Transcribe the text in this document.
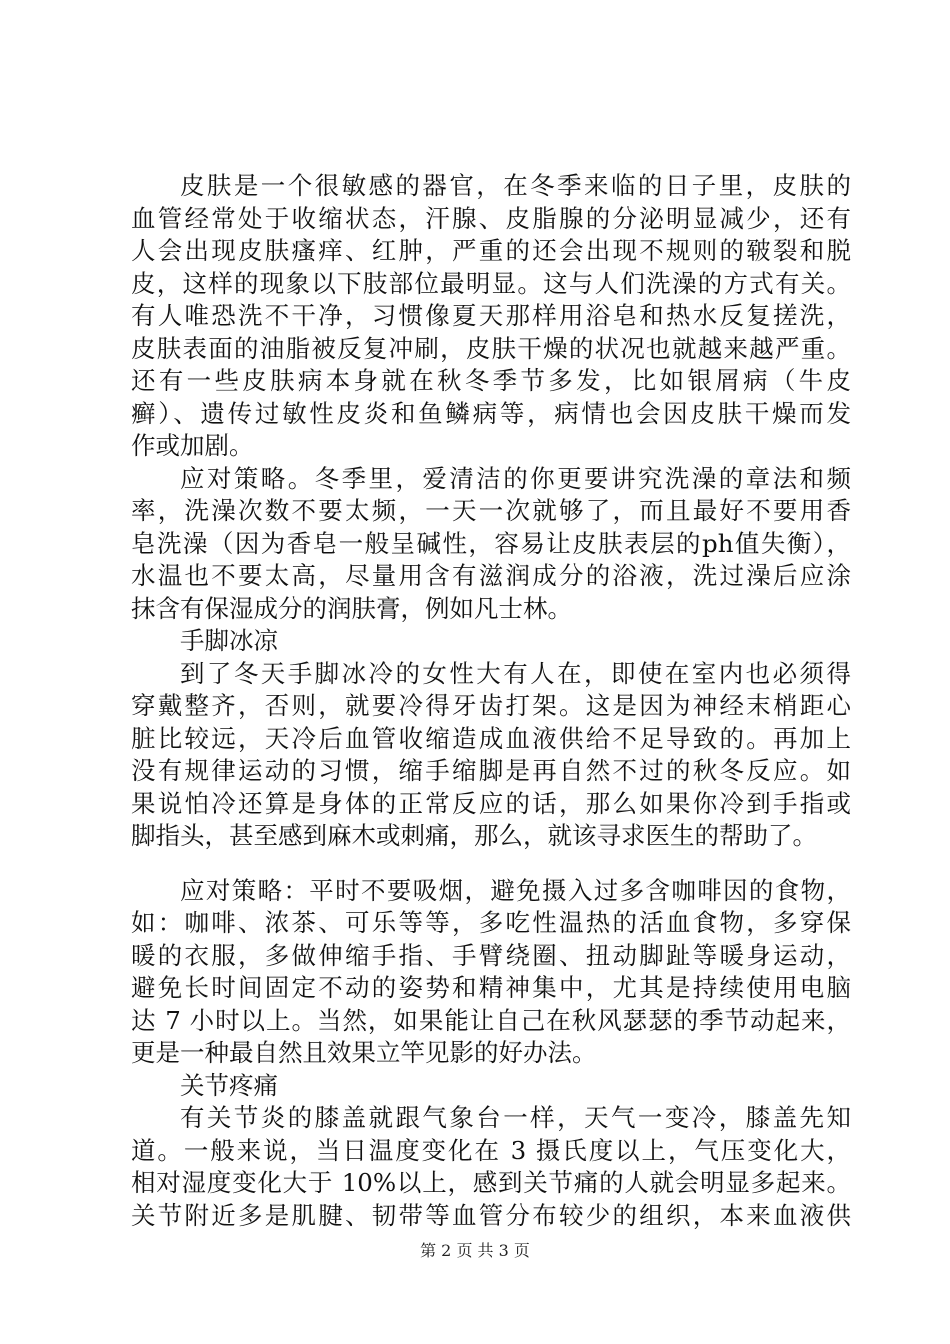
皮肤是一个很敏感的器官，在冬季来临的日子里，皮肤的
血管经常处于收缩状态，汗腺、皮脂腺的分泌明显减少，还有
人会出现皮肤瘙痒、红肿，严重的还会出现不规则的皲裂和脱
皮，这样的现象以下肢部位最明显。这与人们洗澡的方式有关。
有人唯恐洗不干净，习惯像夏天那样用浴皂和热水反复搓洗，
皮肤表面的油脂被反复冲刷，皮肤干燥的状况也就越来越严重。
还有一些皮肤病本身就在秋冬季节多发，比如银屑病（牛皮
癣）、遗传过敏性皮炎和鱼鳞病等，病情也会因皮肤干燥而发
作或加剧。
应对策略。冬季里，爱清洁的你更要讲究洗澡的章法和频
率，洗澡次数不要太频，一天一次就够了，而且最好不要用香
皂洗澡（因为香皂一般呈碱性，容易让皮肤表层的ph值失衡），
水温也不要太高，尽量用含有滋润成分的浴液，洗过澡后应涂
抹含有保湿成分的润肤膏，例如凡士林。
手脚冰凉
到了冬天手脚冰冷的女性大有人在，即使在室内也必须得
穿戴整齐，否则，就要冷得牙齿打架。这是因为神经末梢距心
脏比较远，天冷后血管收缩造成血液供给不足导致的。再加上
没有规律运动的习惯，缩手缩脚是再自然不过的秋冬反应。如
果说怕冷还算是身体的正常反应的话，那么如果你冷到手指或
脚指头，甚至感到麻木或刺痛，那么，就该寻求医生的帮助了。
应对策略：平时不要吸烟，避免摄入过多含咖啡因的食物，
如：咖啡、浓茶、可乐等等，多吃性温热的活血食物，多穿保
暖的衣服，多做伸缩手指、手臂绕圈、扭动脚趾等暖身运动，
避免长时间固定不动的姿势和精神集中，尤其是持续使用电脑
达 7 小时以上。当然，如果能让自己在秋风瑟瑟的季节动起来，
更是一种最自然且效果立竿见影的好办法。
关节疼痛
有关节炎的膝盖就跟气象台一样，天气一变冷，膝盖先知
道。一般来说，当日温度变化在 3 摄氏度以上，气压变化大，
相对湿度变化大于 10%以上，感到关节痛的人就会明显多起来。
关节附近多是肌腱、韧带等血管分布较少的组织，本来血液供
第 2 页 共 3 页
